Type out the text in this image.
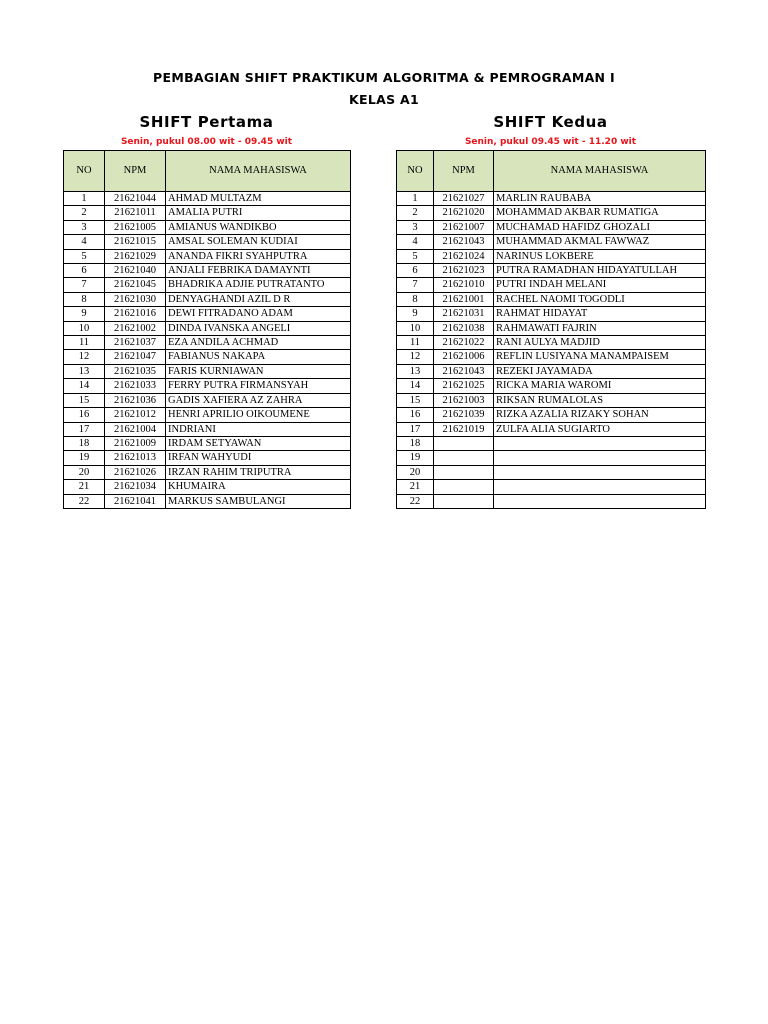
PEMBAGIAN SHIFT PRAKTIKUM ALGORITMA & PEMROGRAMAN I
KELAS A1
SHIFT Pertama
Senin, pukul 08.00 wit - 09.45 wit
SHIFT Kedua
Senin, pukul 09.45 wit - 11.20 wit
NO	NPM	NAMA MAHASISWA
1	21621044	AHMAD MULTAZM
2	21621011	AMALIA PUTRI
3	21621005	AMIANUS WANDIKBO
4	21621015	AMSAL SOLEMAN KUDIAI
5	21621029	ANANDA FIKRI SYAHPUTRA
6	21621040	ANJALI FEBRIKA DAMAYNTI
7	21621045	BHADRIKA ADJIE PUTRATANTO
8	21621030	DENYAGHANDI AZIL D R
9	21621016	DEWI FITRADANO ADAM
10	21621002	DINDA IVANSKA ANGELI
11	21621037	EZA ANDILA ACHMAD
12	21621047	FABIANUS NAKAPA
13	21621035	FARIS KURNIAWAN
14	21621033	FERRY PUTRA FIRMANSYAH
15	21621036	GADIS XAFIERA AZ ZAHRA
16	21621012	HENRI APRILIO OIKOUMENE
17	21621004	INDRIANI
18	21621009	IRDAM SETYAWAN
19	21621013	IRFAN WAHYUDI
20	21621026	IRZAN RAHIM TRIPUTRA
21	21621034	KHUMAIRA
22	21621041	MARKUS SAMBULANGI
NO	NPM	NAMA MAHASISWA
1	21621027	MARLIN RAUBABA
2	21621020	MOHAMMAD AKBAR RUMATIGA
3	21621007	MUCHAMAD HAFIDZ GHOZALI
4	21621043	MUHAMMAD AKMAL FAWWAZ
5	21621024	NARINUS LOKBERE
6	21621023	PUTRA RAMADHAN HIDAYATULLAH
7	21621010	PUTRI INDAH MELANI
8	21621001	RACHEL NAOMI TOGODLI
9	21621031	RAHMAT HIDAYAT
10	21621038	RAHMAWATI FAJRIN
11	21621022	RANI AULYA MADJID
12	21621006	REFLIN LUSIYANA MANAMPAISEM
13	21621043	REZEKI JAYAMADA
14	21621025	RICKA MARIA WAROMI
15	21621003	RIKSAN RUMALOLAS
16	21621039	RIZKA AZALIA RIZAKY SOHAN
17	21621019	ZULFA ALIA SUGIARTO
18		
19		
20		
21		
22		
